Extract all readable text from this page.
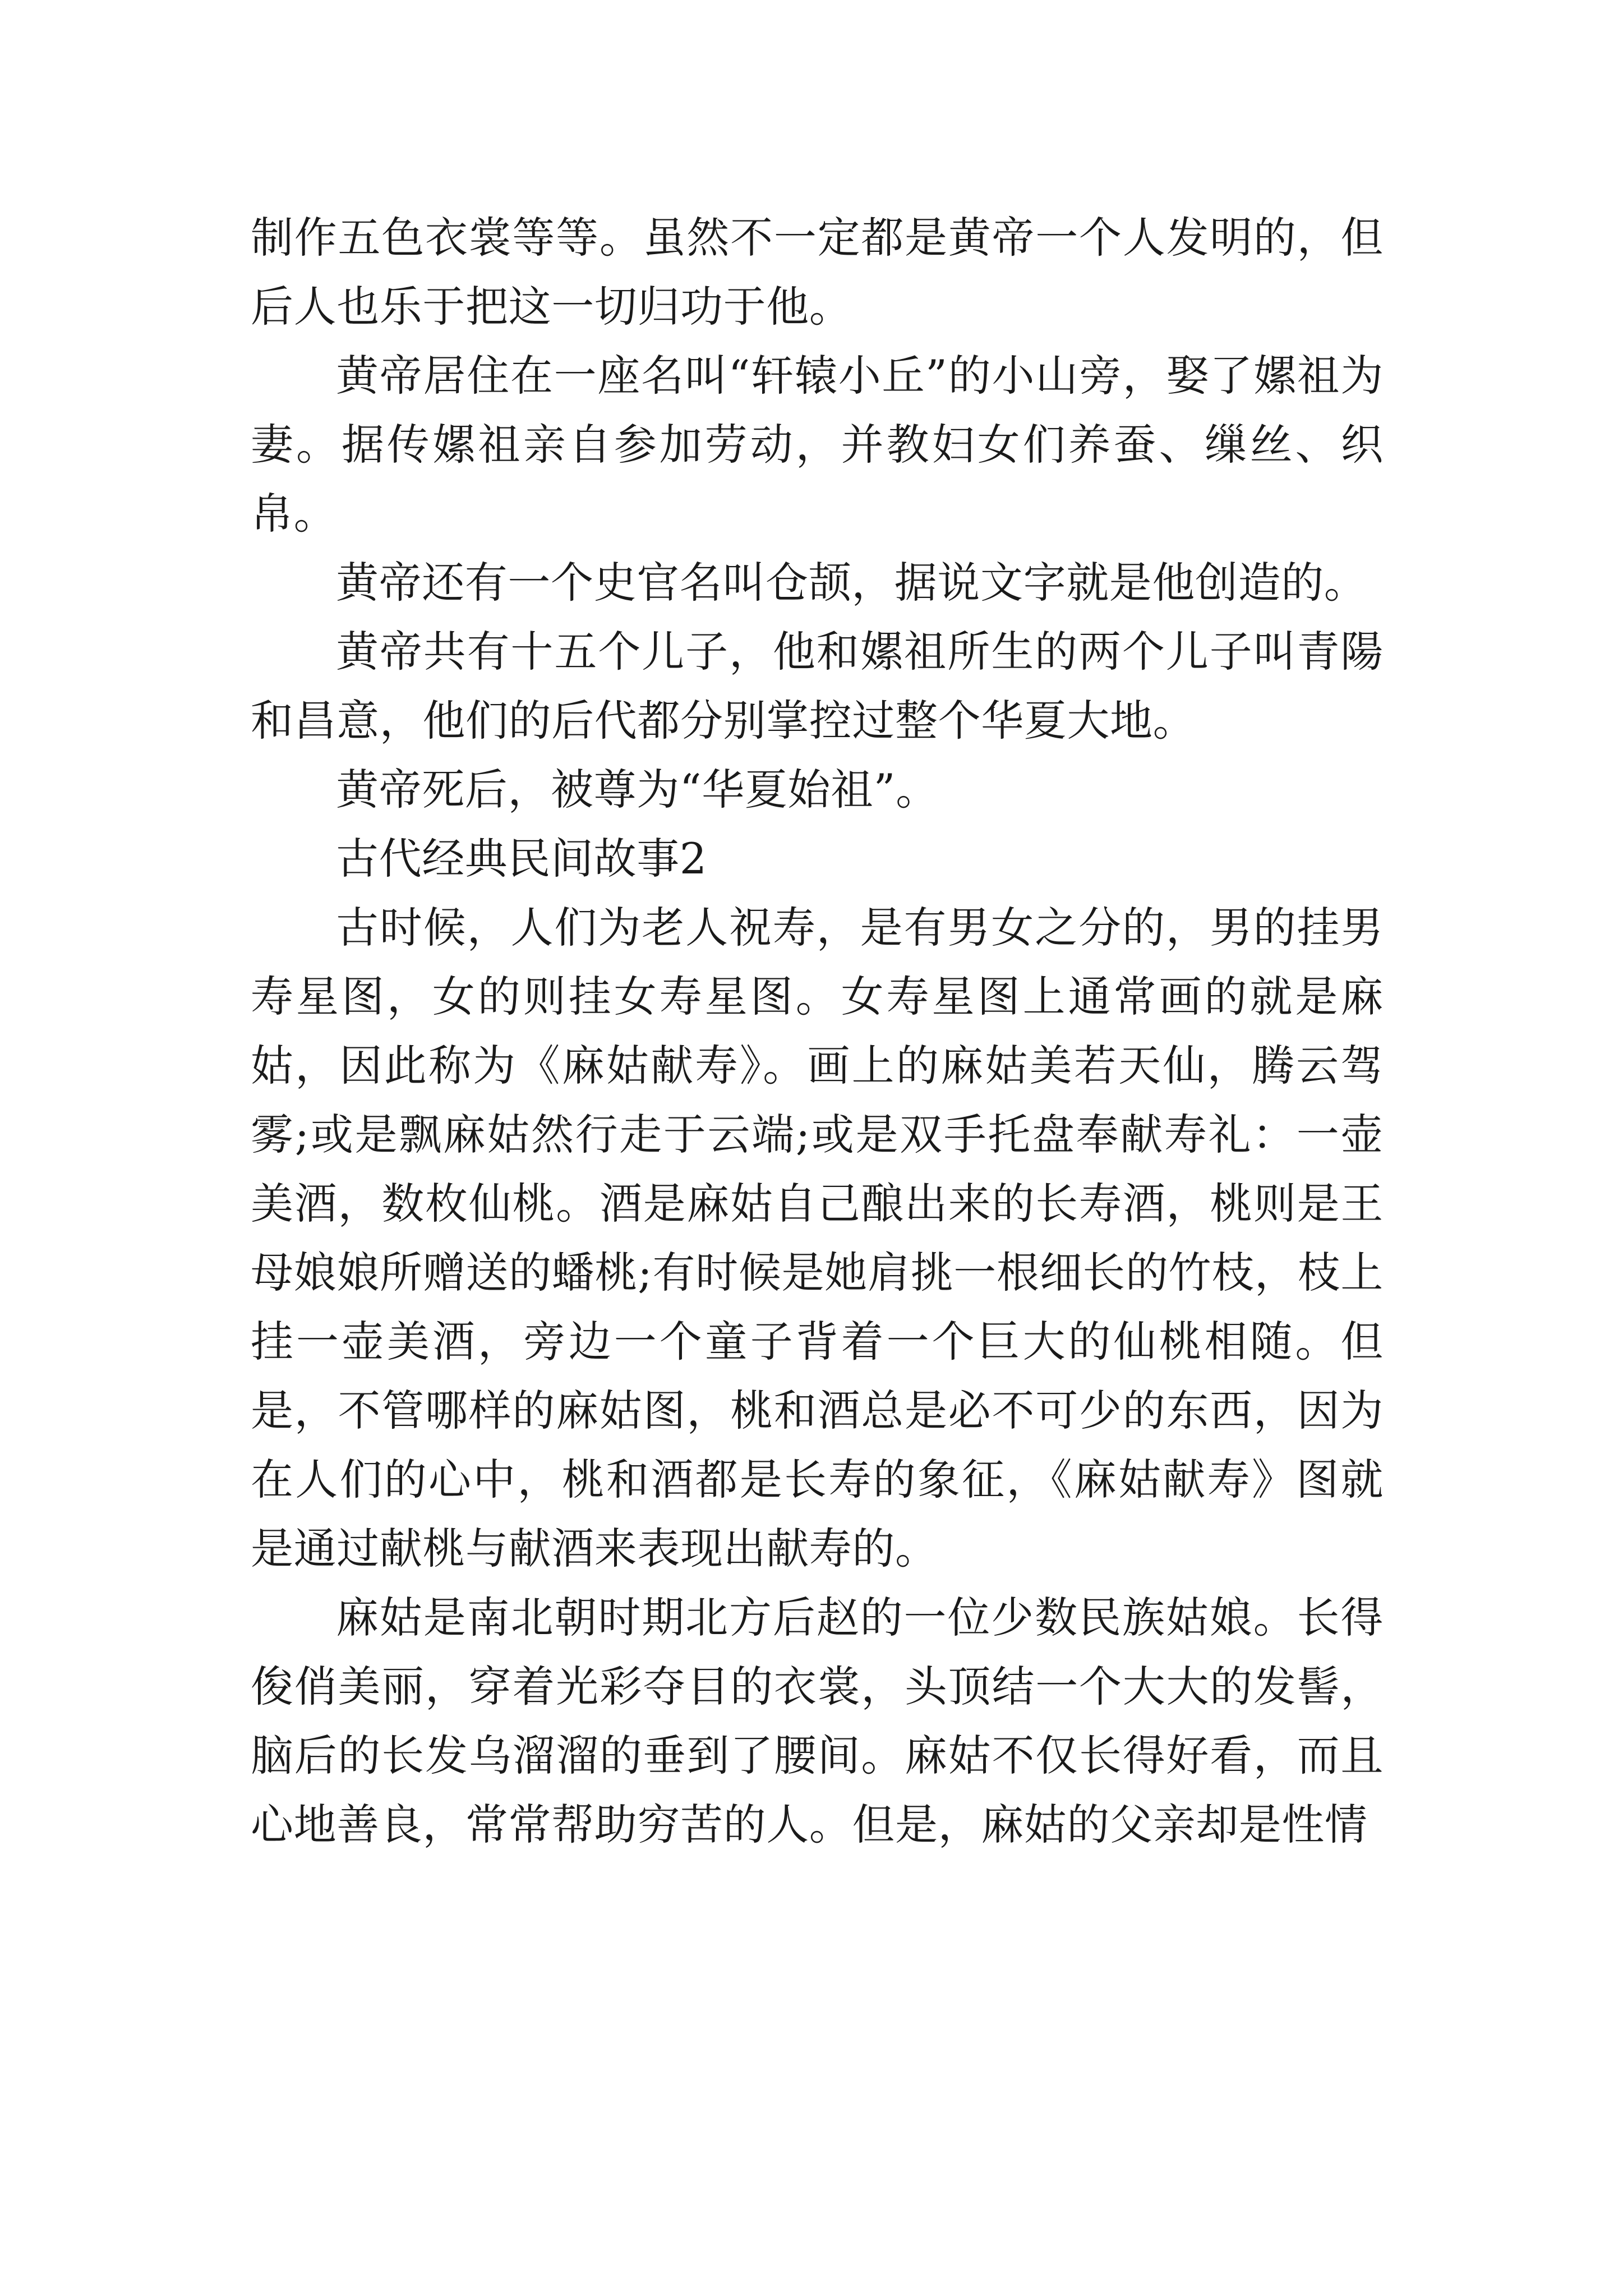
制作五色衣裳等等。虽然不一定都是黄帝一个人发明的，但后人也乐于把这一切归功于他。

黄帝居住在一座名叫“轩辕小丘”的小山旁，娶了嫘祖为妻。据传嫘祖亲自参加劳动，并教妇女们养蚕、缫丝、织帛。

黄帝还有一个史官名叫仓颉，据说文字就是他创造的。

黄帝共有十五个儿子，他和嫘祖所生的两个儿子叫青陽和昌意，他们的后代都分别掌控过整个华夏大地。

黄帝死后，被尊为“华夏始祖”。

古代经典民间故事2

古时候，人们为老人祝寿，是有男女之分的，男的挂男寿星图，女的则挂女寿星图。女寿星图上通常画的就是麻姑，因此称为《麻姑献寿》。画上的麻姑美若天仙，腾云驾雾;或是飘麻姑然行走于云端;或是双手托盘奉献寿礼：一壶美酒，数枚仙桃。酒是麻姑自己酿出来的长寿酒，桃则是王母娘娘所赠送的蟠桃;有时候是她肩挑一根细长的竹枝，枝上挂一壶美酒，旁边一个童子背着一个巨大的仙桃相随。但是，不管哪样的麻姑图，桃和酒总是必不可少的东西，因为在人们的心中，桃和酒都是长寿的象征，《麻姑献寿》图就是通过献桃与献酒来表现出献寿的。

麻姑是南北朝时期北方后赵的一位少数民族姑娘。长得俊俏美丽，穿着光彩夺目的衣裳，头顶结一个大大的发髻，脑后的长发乌溜溜的垂到了腰间。麻姑不仅长得好看，而且心地善良，常常帮助穷苦的人。但是，麻姑的父亲却是性情
